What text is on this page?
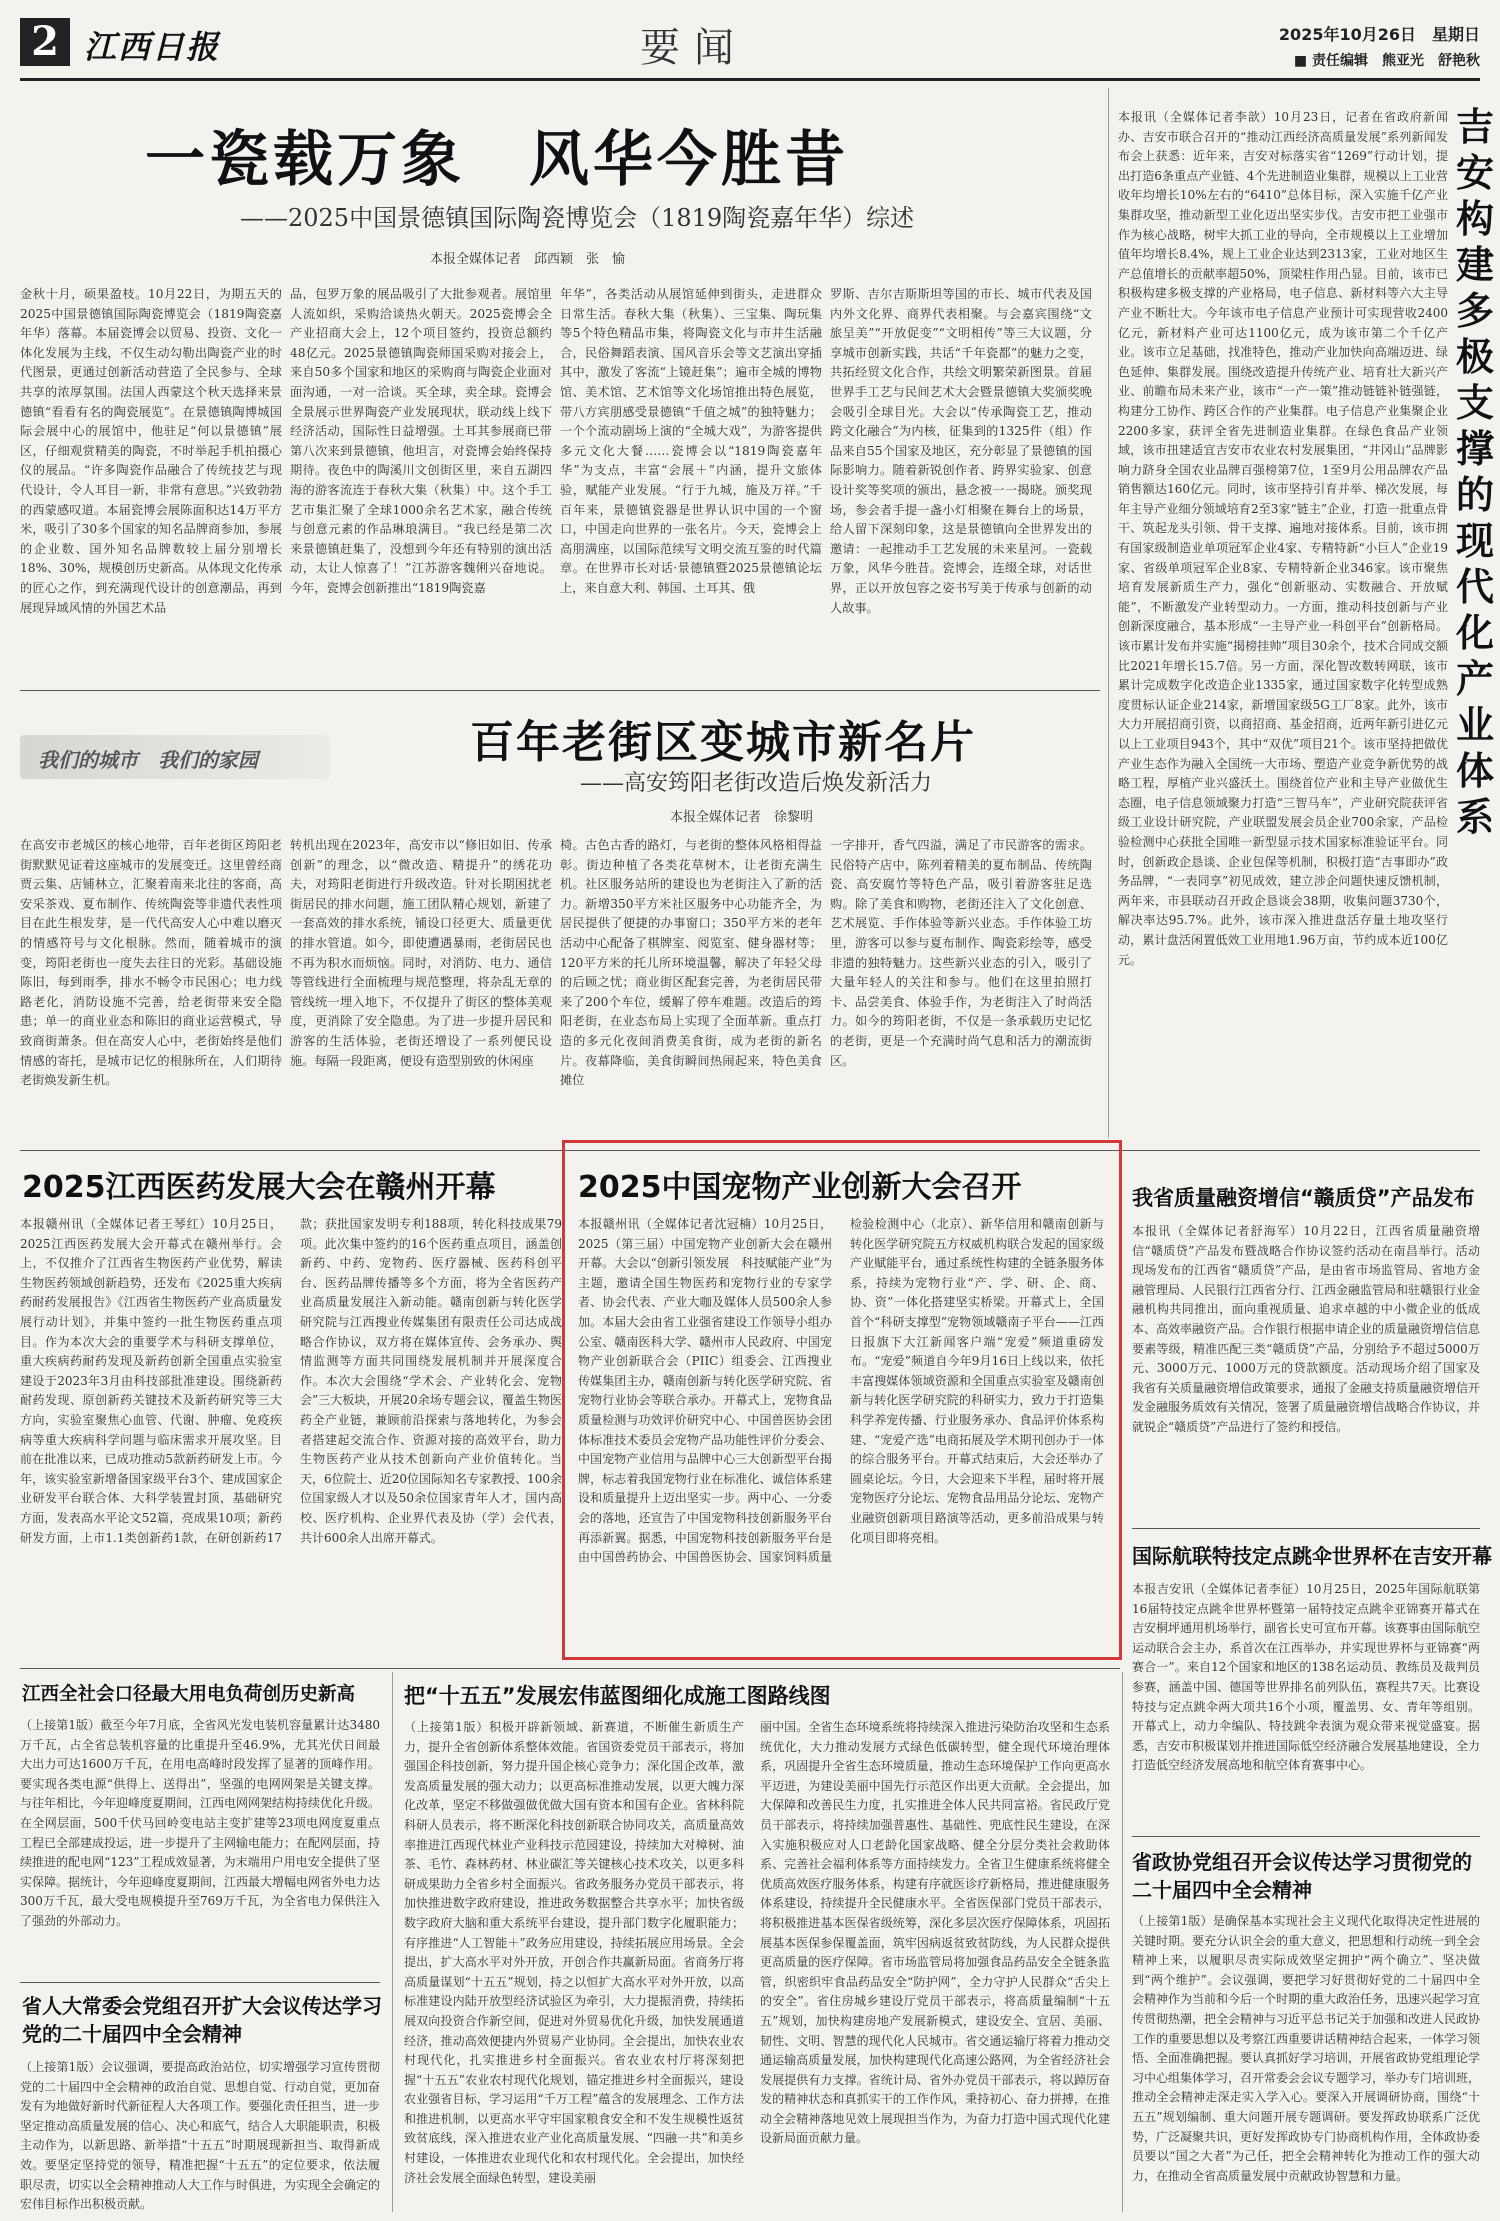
2 江西日报	要闻	2025年10月26日　星期日
■ 责任编辑　熊亚光　舒艳秋
一瓷载万象　风华今胜昔
——2025中国景德镇国际陶瓷博览会（1819陶瓷嘉年华）综述
本报全媒体记者　邱西颖　张　愉
金秋十月，硕果盈枝。10月22日，为期五天的2025中国景德镇国际陶瓷博览会（1819陶瓷嘉年华）落幕。本届瓷博会以贸易、投资、文化一体化发展为主线，不仅生动勾勒出陶瓷产业的时代图景，更通过创新活动营造了全民参与、全球共享的浓厚氛围。法国人西蒙这个秋天选择来景德镇“看看有名的陶瓷展览”。在景德镇陶博城国际会展中心的展馆中，他驻足“何以景德镇”展区，仔细观赏精美的陶瓷，不时举起手机拍摄心仪的展品。“许多陶瓷作品融合了传统技艺与现代设计，令人耳目一新，非常有意思。”兴致勃勃的西蒙感叹道。本届瓷博会展陈面积达14万平方米，吸引了30多个国家的知名品牌商参加，参展的企业数、国外知名品牌数较上届分别增长18%、30%，规模创历史新高。从体现文化传承的匠心之作，到充满现代设计的创意潮品，再到展现异域风情的外国艺术品
品，包罗万象的展品吸引了大批参观者。展馆里人流如织，采购洽谈热火朝天。2025瓷博会全产业招商大会上，12个项目签约，投资总额约48亿元。2025景德镇陶瓷师国采购对接会上，来自50多个国家和地区的采购商与陶瓷企业面对面沟通，一对一洽谈。买全球，卖全球。瓷博会全景展示世界陶瓷产业发展现状，联动线上线下经济活动，国际性日益增强。土耳其参展商已带第八次来到景德镇，他坦言，对瓷博会始终保持期待。夜色中的陶溪川文创街区里，来自五湖四海的游客流连于春秋大集（秋集）中。这个手工艺市集汇聚了全球1000余名艺术家，融合传统与创意元素的作品琳琅满目。“我已经是第二次来景德镇赶集了，没想到今年还有特别的演出活动，太让人惊喜了！”江苏游客魏俐兴奋地说。今年，瓷博会创新推出“1819陶瓷嘉
年华”，各类活动从展馆延伸到街头，走进群众日常生活。春秋大集（秋集）、三宝集、陶玩集等5个特色精品市集，将陶瓷文化与市井生活融合，民俗舞蹈表演、国风音乐会等文艺演出穿插其中，激发了客流“上镜赶集”；遍市全城的博物馆、美术馆、艺术馆等文化场馆推出特色展览，带八方宾朋感受景德镇“千值之城”的独特魅力；一个个流动剧场上演的“全城大戏”，为游客提供多元文化大餐……瓷博会以“1819陶瓷嘉年华”为支点，丰富“会展＋”内涵，提升文旅体验，赋能产业发展。“行于九城，施及万祥。”千百年来，景德镇瓷器是世界认识中国的一个窗口，中国走向世界的一张名片。今天，瓷博会上高朋满座，以国际范续写文明交流互鉴的时代篇章。在世界市长对话·景德镇暨2025景德镇论坛上，来自意大利、韩国、土耳其、俄
罗斯、吉尔吉斯斯坦等国的市长、城市代表及国内外文化界、商界代表相聚。与会嘉宾围绕“文旅呈美”“开放促变”“文明相传”等三大议题，分享城市创新实践，共话“千年瓷都”的魅力之变，共拓经贸文化合作，共绘文明繁荣新图景。首届世界手工艺与民间艺术大会暨景德镇大奖颁奖晚会吸引全球目光。大会以“传承陶瓷工艺，推动跨文化融合”为内核，征集到的1325件（组）作品来自55个国家及地区，充分彰显了景德镇的国际影响力。随着新锐创作者、跨界实验家、创意设计奖等奖项的颁出，悬念被一一揭晓。颁奖现场，参会者手提一盏小灯相聚在舞台上的场景，给人留下深刻印象，这是景德镇向全世界发出的邀请：一起推动手工艺发展的未来星河。一瓷载万象，风华今胜昔。瓷博会，连缀全球，对话世界，正以开放包容之姿书写美于传承与创新的动人故事。
本报讯（全媒体记者李歆）10月23日，记者在省政府新闻办、吉安市联合召开的“推动江西经济高质量发展”系列新闻发布会上获悉：近年来，吉安对标落实省“1269”行动计划，提出打造6条重点产业链、4个先进制造业集群，规模以上工业营收年均增长10%左右的“6410”总体目标，深入实施千亿产业集群攻坚，推动新型工业化迈出坚实步伐。吉安市把工业强市作为核心战略，树牢大抓工业的导向，全市规模以上工业增加值年均增长8.4%，规上工业企业达到2313家，工业对地区生产总值增长的贡献率超50%，顶梁柱作用凸显。目前，该市已积极构建多极支撑的产业格局，电子信息、新材料等六大主导产业不断壮大。今年该市电子信息产业预计可实现营收2400亿元，新材料产业可达1100亿元，成为该市第二个千亿产业。该市立足基础，找准特色，推动产业加快向高端迈进、绿色延伸、集群发展。围绕改造提升传统产业、培育壮大新兴产业、前瞻布局未来产业，该市“一产一策”推动链链补链强链，构建分工协作、跨区合作的产业集群。电子信息产业集聚企业2200多家，获评全省先进制造业集群。在绿色食品产业领域，该市扭建适宜吉安市农业农村发展集团，“井冈山”品牌影响力跻身全国农业品牌百强榜第7位，1至9月公用品牌农产品销售额达160亿元。同时，该市坚持引育并举、梯次发展，每年主导产业细分领域培育2至3家“链主”企业，打造一批重点骨干、筑起龙头引领、骨干支撑、遍地对接体系。目前，该市拥有国家级制造业单项冠军企业4家、专精特新“小巨人”企业19家、省级单项冠军企业8家、专精特新企业346家。该市聚焦培育发展新质生产力，强化“创新驱动、实数融合、开放赋能”，不断激发产业转型动力。一方面，推动科技创新与产业创新深度融合，基本形成“一主导产业一科创平台”创新格局。该市累计发布并实施“揭榜挂帅”项目30余个，技术合同成交额比2021年增长15.7倍。另一方面，深化智改数转网联，该市累计完成数字化改造企业1335家，通过国家数字化转型成熟度贯标认证企业214家，新增国家级5G工厂8家。此外，该市大力开展招商引资，以商招商、基金招商，近两年新引进亿元以上工业项目943个，其中“双优”项目21个。该市坚持把做优产业生态作为融入全国统一大市场、塑造产业竞争新优势的战略工程，厚植产业兴盛沃土。围绕首位产业和主导产业做优生态圈，电子信息领域聚力打造“三智马车”，产业研究院获评省级工业设计研究院，产业联盟发展会员企业700余家，产品检验检测中心获批全国唯一新型显示技术国家标准验证平台。同时，创新政企恳谈、企业包保等机制，积极打造“吉事即办”政务品牌，“一表同享”初见成效，建立涉企问题快速反馈机制，两年来，市县联动召开政企恳谈会38期，收集问题3730个，解决率达95.7%。此外，该市深入推进盘活存量土地攻坚行动，累计盘活闲置低效工业用地1.96万亩，节约成本近100亿元。
吉安构建多极支撑的现代化产业体系
我们的城市　我们的家园	百年老街区变城市新名片
——高安筠阳老街改造后焕发新活力
本报全媒体记者　徐黎明
在高安市老城区的核心地带，百年老街区筠阳老街默默见证着这座城市的发展变迁。这里曾经商贾云集、店铺林立，汇聚着南来北往的客商，高安采茶戏、夏布制作、传统陶瓷等非遗代表性项目在此生根发芽，是一代代高安人心中难以磨灭的情感符号与文化根脉。然而，随着城市的演变，筠阳老街也一度失去往日的光彩。基础设施陈旧，每到雨季，排水不畅令市民困心；电力线路老化，消防设施不完善，给老街带来安全隐患；单一的商业业态和陈旧的商业运营模式，导致商街萧条。但在高安人心中，老街始终是他们情感的寄托，是城市记忆的根脉所在，人们期待老街焕发新生机。
转机出现在2023年，高安市以“修旧如旧、传承创新”的理念，以“微改造、精提升”的绣花功夫，对筠阳老街进行升级改造。针对长期困扰老街居民的排水问题，施工团队精心规划，新建了一套高效的排水系统，铺设口径更大、质量更优的排水管道。如今，即使遭遇暴雨，老街居民也不再为积水而烦恼。同时，对消防、电力、通信等管线进行全面梳理与规范整理，将杂乱无章的管线统一埋入地下，不仅提升了街区的整体美观度，更消除了安全隐患。为了进一步提升居民和游客的生活体验，老街还增设了一系列便民设施。每隔一段距离，便设有造型别致的休闲座
椅。古色古香的路灯，与老街的整体风格相得益彰。街边种植了各类花草树木，让老街充满生机。社区服务站所的建设也为老街注入了新的活力。新增350平方米社区服务中心功能齐全，为居民提供了便捷的办事窗口；350平方米的老年活动中心配备了棋牌室、阅览室、健身器材等；120平方米的托儿所环境温馨，解决了年轻父母的后顾之忧；商业街区配套完善，为老街居民带来了200个车位，缓解了停车难题。改造后的筠阳老街，在业态布局上实现了全面革新。重点打造的多元化夜间消费美食街，成为老街的新名片。夜幕降临，美食街瞬间热闹起来，特色美食摊位
一字排开，香气四溢，满足了市民游客的需求。民俗特产店中，陈列着精美的夏布制品、传统陶瓷、高安腐竹等特色产品，吸引着游客驻足选购。除了美食和购物，老街还注入了文化创意、艺术展览、手作体验等新兴业态。手作体验工坊里，游客可以参与夏布制作、陶瓷彩绘等，感受非遗的独特魅力。这些新兴业态的引入，吸引了大量年轻人的关注和参与。他们在这里拍照打卡、品尝美食、体验手作，为老街注入了时尚活力。如今的筠阳老街，不仅是一条承载历史记忆的老街，更是一个充满时尚气息和活力的潮流街区。
2025江西医药发展大会在赣州开幕
本报赣州讯（全媒体记者王琴红）10月25日，2025江西医药发展大会开幕式在赣州举行。会上，不仅推介了江西省生物医药产业优势，解读生物医药领域创新趋势，还发布《2025重大疾病药耐药发展报告》《江西省生物医药产业高质量发展行动计划》，并集中签约一批生物医药重点项目。作为本次大会的重要学术与科研支撑单位，重大疾病药耐药发现及新药创新全国重点实验室建设于2023年3月由科技部批准建设。围绕新药耐药发现、原创新药关键技术及新药研究等三大方向，实验室聚焦心血管、代谢、肿瘤、免疫疾病等重大疾病科学问题与临床需求开展攻坚。目前在批准以来，已成功推动5款新药研发上市。今年，该实验室新增备国家级平台3个、建成国家企业研发平台联合体、大科学装置封顶，基础研究方面，发表高水平论文52篇，亮成果10项；新药研发方面，上市1.1类创新药1款，在研创新药17款；获批国家发明专利188项，转化科技成果79项。此次集中签约的16个医药重点项目，涵盖创新药、中药、宠物药、医疗器械、医药科创平台、医药品牌传播等多个方面，将为全省医药产业高质量发展注入新动能。赣南创新与转化医学研究院与江西搜业传媒集团有限责任公司达成战略合作协议，双方将在媒体宣传、会务承办、舆情监测等方面共同围绕发展机制并开展深度合作。本次大会围绕“学术会、产业转化会、宠物会”三大板块，开展20余场专题会议，覆盖生物医药全产业链，兼顾前沿探索与落地转化，为参会者搭建起交流合作、资源对接的高效平台，助力生物医药产业从技术创新向产业价值转化。当天，6位院士、近20位国际知名专家教授、100余位国家级人才以及50余位国家青年人才，国内高校、医疗机构、企业界代表及协（学）会代表，共计600余人出席开幕式。
2025中国宠物产业创新大会召开
本报赣州讯（全媒体记者沈冠楠）10月25日，2025（第三届）中国宠物产业创新大会在赣州开幕。大会以“创新引领发展　科技赋能产业”为主题，邀请全国生物医药和宠物行业的专家学者、协会代表、产业大咖及媒体人员500余人参加。本届大会由省工业强省建设工作领导小组办公室、赣南医科大学、赣州市人民政府、中国宠物产业创新联合会（PIIC）组委会、江西搜业传媒集团主办，赣南创新与转化医学研究院、省宠物行业协会等联合承办。开幕式上，宠物食品质量检测与功效评价研究中心、中国兽医协会团体标准技术委员会宠物产品功能性评价分委会、中国宠物产业信用与品牌中心三大创新型平台揭牌，标志着我国宠物行业在标准化、诚信体系建设和质量提升上迈出坚实一步。两中心、一分委会的落地，还宣告了中国宠物科技创新服务平台再添新翼。据悉，中国宠物科技创新服务平台是由中国兽药协会、中国兽医协会、国家饲料质量检验检测中心（北京）、新华信用和赣南创新与转化医学研究院五方权威机构联合发起的国家级产业赋能平台，通过系统性构建的全链条服务体系，持续为宠物行业“产、学、研、企、商、协、资”一体化搭建坚实桥梁。开幕式上，全国首个“科研支撑型”宠物领域赣南子平台——江西日报旗下大江新闻客户端“宠爱”频道重磅发布。“宠爱”频道自今年9月16日上线以来，依托丰富搜媒体领域资源和全国重点实验室及赣南创新与转化医学研究院的科研实力，致力于打造集科学养宠传播、行业服务承办、食品评价体系构建、“宠爱产选”电商拓展及学术期刊创办于一体的综合服务平台。开幕式结束后，大会还举办了圆桌论坛。今日，大会迎来下半程，届时将开展宠物医疗分论坛、宠物食品用品分论坛、宠物产业融资创新项目路演等活动，更多前沿成果与转化项目即将亮相。
我省质量融资增信“赣质贷”产品发布
本报讯（全媒体记者舒海军）10月22日，江西省质量融资增信“赣质贷”产品发布暨战略合作协议签约活动在南昌举行。活动现场发布的江西省“赣质贷”产品，是由省市场监管局、省地方金融管理局、人民银行江西省分行、江西金融监管局和驻赣银行业金融机构共同推出，面向重视质量、追求卓越的中小微企业的低成本、高效率融资产品。合作银行根据申请企业的质量融资增信信息要素等级，精准匹配三类“赣质贷”产品，分别给予不超过5000万元、3000万元、1000万元的贷款额度。活动现场介绍了国家及我省有关质量融资增信政策要求，通报了金融支持质量融资增信开发金融服务质效有关情况，签署了质量融资增信战略合作协议，并就锐企“赣质贷”产品进行了签约和授信。
国际航联特技定点跳伞世界杯在吉安开幕
本报吉安讯（全媒体记者李征）10月25日，2025年国际航联第16届特技定点跳伞世界杯暨第一届特技定点跳伞亚锦赛开幕式在吉安桐坪通用机场举行，副省长史可宣布开幕。该赛事由国际航空运动联合会主办，系首次在江西举办，并实现世界杯与亚锦赛“两赛合一”。来自12个国家和地区的138名运动员、教练员及裁判员参赛，涵盖中国、德国等世界排名前列队伍，赛程共7天。比赛设特技与定点跳伞两大项共16个小项，覆盖男、女、青年等组别。开幕式上，动力伞编队、特技跳伞表演为观众带来视觉盛宴。据悉，吉安市积极谋划并推进国际低空经济融合发展基地建设，全力打造低空经济发展高地和航空体育赛事中心。
江西全社会口径最大用电负荷创历史新高
（上接第1版）截至今年7月底，全省风光发电装机容量累计达3480万千瓦，占全省总装机容量的比重提升至46.9%，尤其光伏日间最大出力可达1600万千瓦，在用电高峰时段发挥了显著的顶峰作用。要实现各类电源“供得上、送得出”，坚强的电网网架是关键支撑。与往年相比，今年迎峰度夏期间，江西电网网架结构持续优化升级。在全网层面，500千伏马回岭变电站主变扩建等23项电网度夏重点工程已全部建成投运，进一步提升了主网输电能力；在配网层面，持续推进的配电网“123”工程成效显著，为末端用户用电安全提供了坚实保障。据统计，今年迎峰度夏期间，江西最大增幅电网省外电力达300万千瓦，最大受电规模提升至769万千瓦，为全省电力保供注入了强劲的外部动力。
省人大常委会党组召开扩大会议传达学习党的二十届四中全会精神
（上接第1版）会议强调，要提高政治站位，切实增强学习宣传贯彻党的二十届四中全会精神的政治自觉、思想自觉、行动自觉，更加奋发有为地做好新时代新征程人大各项工作。要强化责任担当，进一步坚定推动高质量发展的信心、决心和底气，结合人大职能职责，积极主动作为，以新思路、新举措“十五五”时期展现新担当、取得新成效。要坚定坚持党的领导，精准把握“十五五”的定位要求，依法履职尽责，切实以全会精神推动人大工作与时俱进，为实现全会确定的宏伟目标作出积极贡献。
把“十五五”发展宏伟蓝图细化成施工图路线图
（上接第1版）积极开辟新领域、新赛道，不断催生新质生产力，提升全省创新体系整体效能。省国资委党员干部表示，将加强国企科技创新，努力提升国企核心竞争力；深化国企改革，激发高质量发展的强大动力；以更高标准推动发展，以更大魄力深化改革，坚定不移做强做优做大国有资本和国有企业。省林科院科研人员表示，将不断深化科技创新联合协同攻关，高质量高效率推进江西现代林业产业科技示范园建设，持续加大对樟树、油茶、毛竹、森林药材、林业碳汇等关键核心技术攻关，以更多科研成果助力全省乡村全面振兴。省政务服务办党员干部表示，将加快推进数字政府建设，推进政务数据整合共享水平；加快省级数字政府大脑和重大系统平台建设，提升部门数字化履职能力；有序推进“人工智能＋”政务应用建设，持续拓展应用场景。全会提出，扩大高水平对外开放，开创合作共赢新局面。省商务厅将高质量谋划“十五五”规划，持之以恒扩大高水平对外开放，以高标准建设内陆开放型经济试验区为牵引，大力提振消费，持续拓展双向投资合作新空间，促进对外贸易优化升级，加快发展通道经济，推动高效便捷内外贸易产业协同。全会提出，加快农业农村现代化，扎实推进乡村全面振兴。省农业农村厅将深刻把握“十五五”农业农村现代化规划，锚定推进乡村全面振兴，建设农业强省目标，学习运用“千万工程”蕴含的发展理念、工作方法和推进机制，以更高水平守牢国家粮食安全和不发生规模性返贫致贫底线，深入推进农业产业化高质量发展、“四融一共”和美乡村建设，一体推进农业现代化和农村现代化。全会提出，加快经济社会发展全面绿色转型，建设美丽
丽中国。全省生态环境系统将持续深入推进污染防治攻坚和生态系统优化，大力推动发展方式绿色低碳转型，健全现代环境治理体系，巩固提升全省生态环境质量，推动生态环境保护工作向更高水平迈进，为建设美丽中国先行示范区作出更大贡献。全会提出，加大保障和改善民生力度，扎实推进全体人民共同富裕。省民政厅党员干部表示，将持续加强普惠性、基础性、兜底性民生建设，在深入实施积极应对人口老龄化国家战略、健全分层分类社会救助体系、完善社会福利体系等方面持续发力。全省卫生健康系统将健全优质高效医疗服务体系，构建有序就医诊疗新格局，推进健康服务体系建设，持续提升全民健康水平。全省医保部门党员干部表示，将积极推进基本医保省级统筹，深化多层次医疗保障体系，巩固拓展基本医保参保覆盖面，筑牢因病返贫致贫防线，为人民群众提供更高质量的医疗保障。省市场监管局将加强食品药品安全全链条监管，织密织牢食品药品安全“防护网”，全力守护人民群众“舌尖上的安全”。省住房城乡建设厅党员干部表示，将高质量编制“十五五”规划，加快构建房地产发展新模式，建设安全、宜居、美丽、韧性、文明、智慧的现代化人民城市。省交通运输厅将着力推动交通运输高质量发展，加快构建现代化高速公路网，为全省经济社会发展提供有力支撑。省统计局、省外办党员干部表示，将以踔厉奋发的精神状态和真抓实干的工作作风，秉持初心、奋力拼搏，在推动全会精神落地见效上展现担当作为，为奋力打造中国式现代化建设新局面贡献力量。
省政协党组召开会议传达学习贯彻党的二十届四中全会精神
（上接第1版）是确保基本实现社会主义现代化取得决定性进展的关键时期。要充分认识全会的重大意义，把思想和行动统一到全会精神上来，以履职尽责实际成效坚定拥护“两个确立”、坚决做到“两个维护”。会议强调，要把学习好贯彻好党的二十届四中全会精神作为当前和今后一个时期的重大政治任务，迅速兴起学习宣传贯彻热潮，把全会精神与习近平总书记关于加强和改进人民政协工作的重要思想以及考察江西重要讲话精神结合起来，一体学习领悟、全面准确把握。要认真抓好学习培训，开展省政协党组理论学习中心组集体学习，召开常委会会议专题学习，举办专门培训班，推动全会精神走深走实入学入心。要深入开展调研协商，围绕“十五五”规划编制、重大问题开展专题调研。要发挥政协联系广泛优势，广泛凝聚共识，更好发挥政协专门协商机构作用，全体政协委员要以“国之大者”为己任，把全会精神转化为推动工作的强大动力，在推动全省高质量发展中贡献政协智慧和力量。
